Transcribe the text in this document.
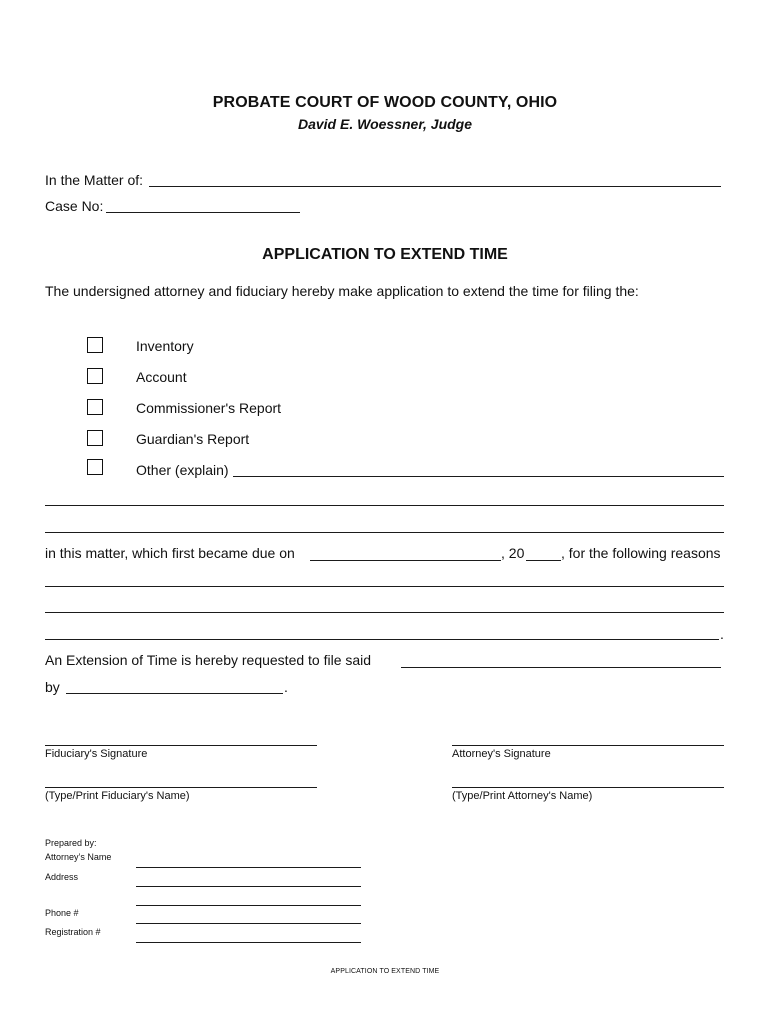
PROBATE COURT OF WOOD COUNTY, OHIO
David E. Woessner, Judge
In the Matter of:
Case No:
APPLICATION TO EXTEND TIME
The undersigned attorney and fiduciary hereby make application to extend the time for filing the:
Inventory
Account
Commissioner's Report
Guardian's Report
Other (explain)
in this matter, which first became due on	, 20	, for the following reasons
.
An Extension of Time is hereby requested to file said
by	.
Fiduciary's Signature	Attorney's Signature
(Type/Print Fiduciary's Name)	(Type/Print Attorney's Name)
Prepared by:
Attorney’s Name
Address
Phone #
Registration #
APPLICATION TO EXTEND TIME
